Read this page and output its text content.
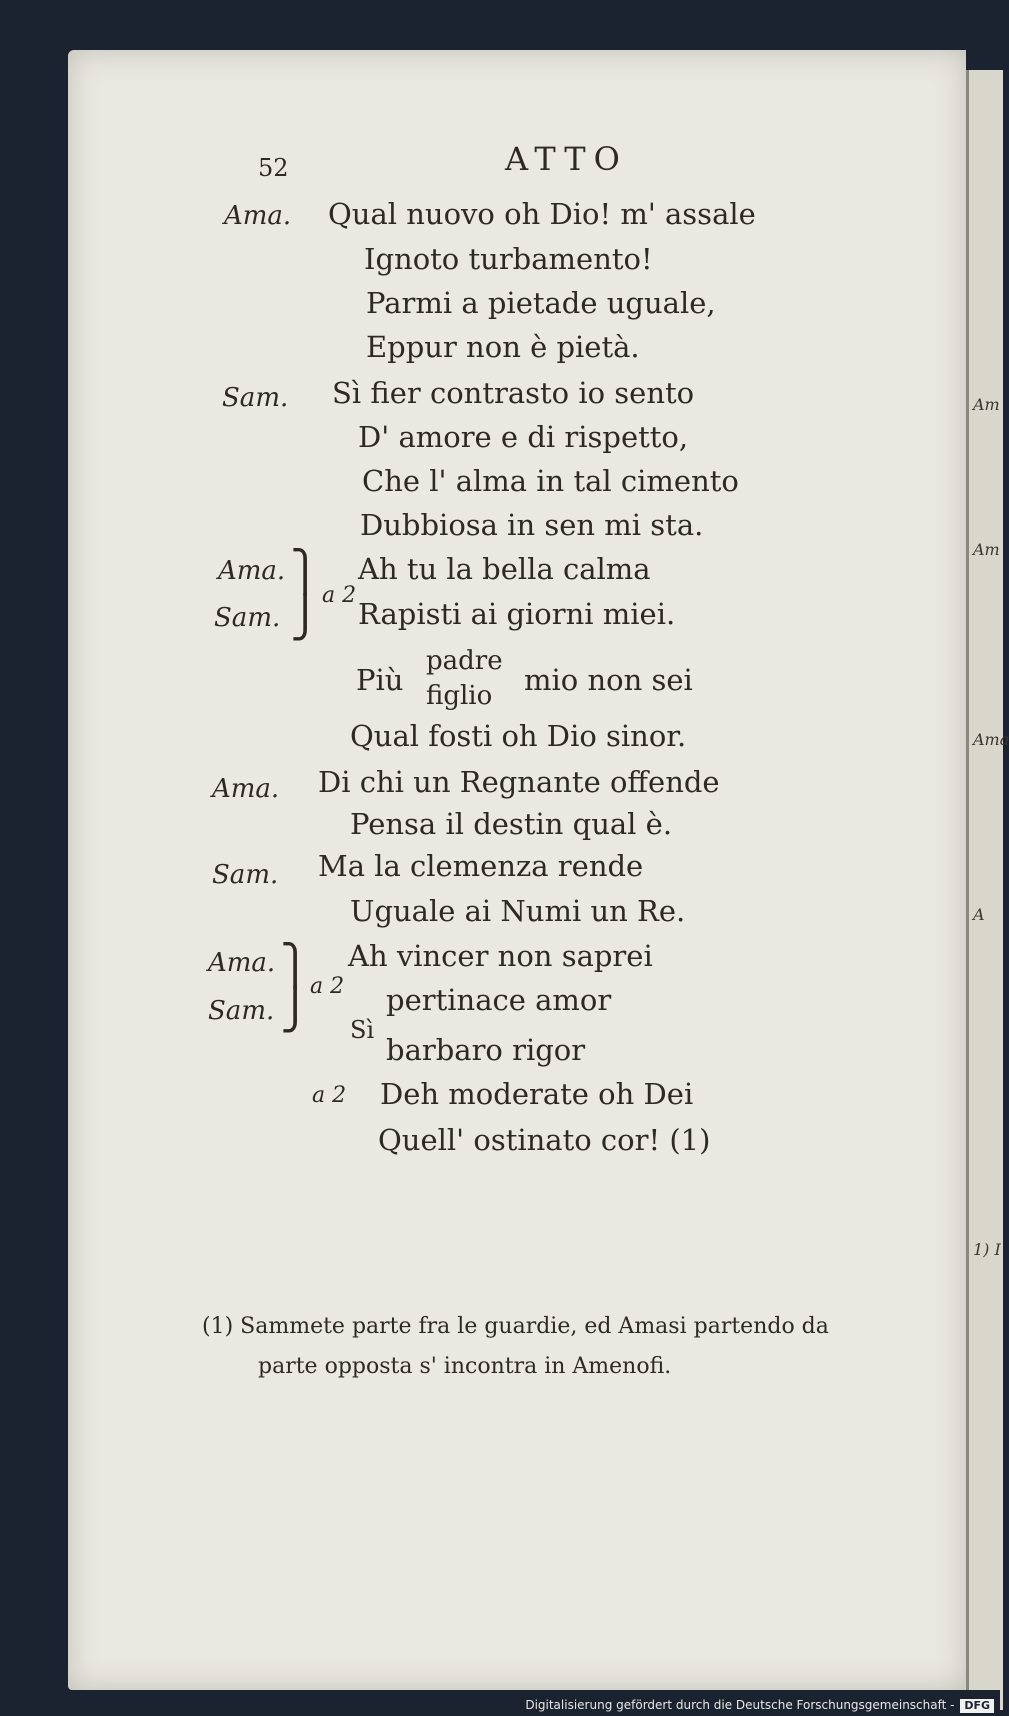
Am
Am
Ama
A
1) I
52	ATTO
Ama. Qual nuovo oh Dio! m' assale
Ignoto turbamento!
Parmi a pietade uguale,
Eppur non è pietà.
Sam. Sì fier contrasto io sento
D' amore e di rispetto,
Che l' alma in tal cimento
Dubbiosa in sen mi sta.
Ama. ⎫ Ah tu la bella calma
Sam. ⎭ a 2
Rapisti ai giorni miei.
Più
padre
figlio mio non sei
Qual fosti oh Dio sinor.
Ama. Di chi un Regnante offende
Pensa il destin qual è.
Sam. Ma la clemenza rende
Uguale ai Numi un Re.
Ama. ⎫ Ah vincer non saprei
Sam. ⎭
a 2
Sì
pertinace amor
barbaro rigor
a 2 Deh moderate oh Dei
Quell' ostinato cor! (1)
(1) Sammete parte fra le guardie, ed Amasi partendo da
parte opposta s' incontra in Amenofi.
Digitalisierung gefördert durch die Deutsche Forschungsgemeinschaft - DFG
